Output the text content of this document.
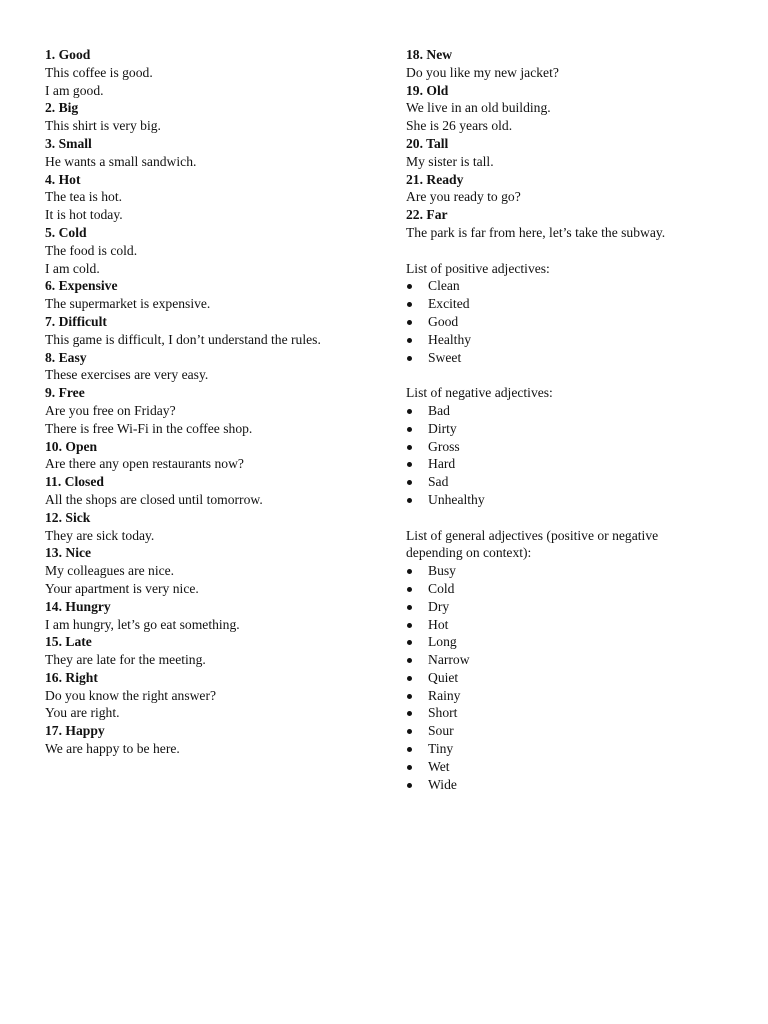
1. Good
This coffee is good.
I am good.
2. Big
This shirt is very big.
3. Small
He wants a small sandwich.
4. Hot
The tea is hot.
It is hot today.
5. Cold
The food is cold.
I am cold.
6. Expensive
The supermarket is expensive.
7. Difficult
This game is difficult, I don’t understand the rules.
8. Easy
These exercises are very easy.
9. Free
Are you free on Friday?
There is free Wi-Fi in the coffee shop.
10. Open
Are there any open restaurants now?
11. Closed
All the shops are closed until tomorrow.
12. Sick
They are sick today.
13. Nice
My colleagues are nice.
Your apartment is very nice.
14. Hungry
I am hungry, let’s go eat something.
15. Late
They are late for the meeting.
16. Right
Do you know the right answer?
You are right.
17. Happy
We are happy to be here.
18. New
Do you like my new jacket?
19. Old
We live in an old building.
She is 26 years old.
20. Tall
My sister is tall.
21. Ready
Are you ready to go?
22. Far
The park is far from here, let’s take the subway.
List of positive adjectives:
Clean
Excited
Good
Healthy
Sweet
List of negative adjectives:
Bad
Dirty
Gross
Hard
Sad
Unhealthy
List of general adjectives (positive or negative
depending on context):
Busy
Cold
Dry
Hot
Long
Narrow
Quiet
Rainy
Short
Sour
Tiny
Wet
Wide
